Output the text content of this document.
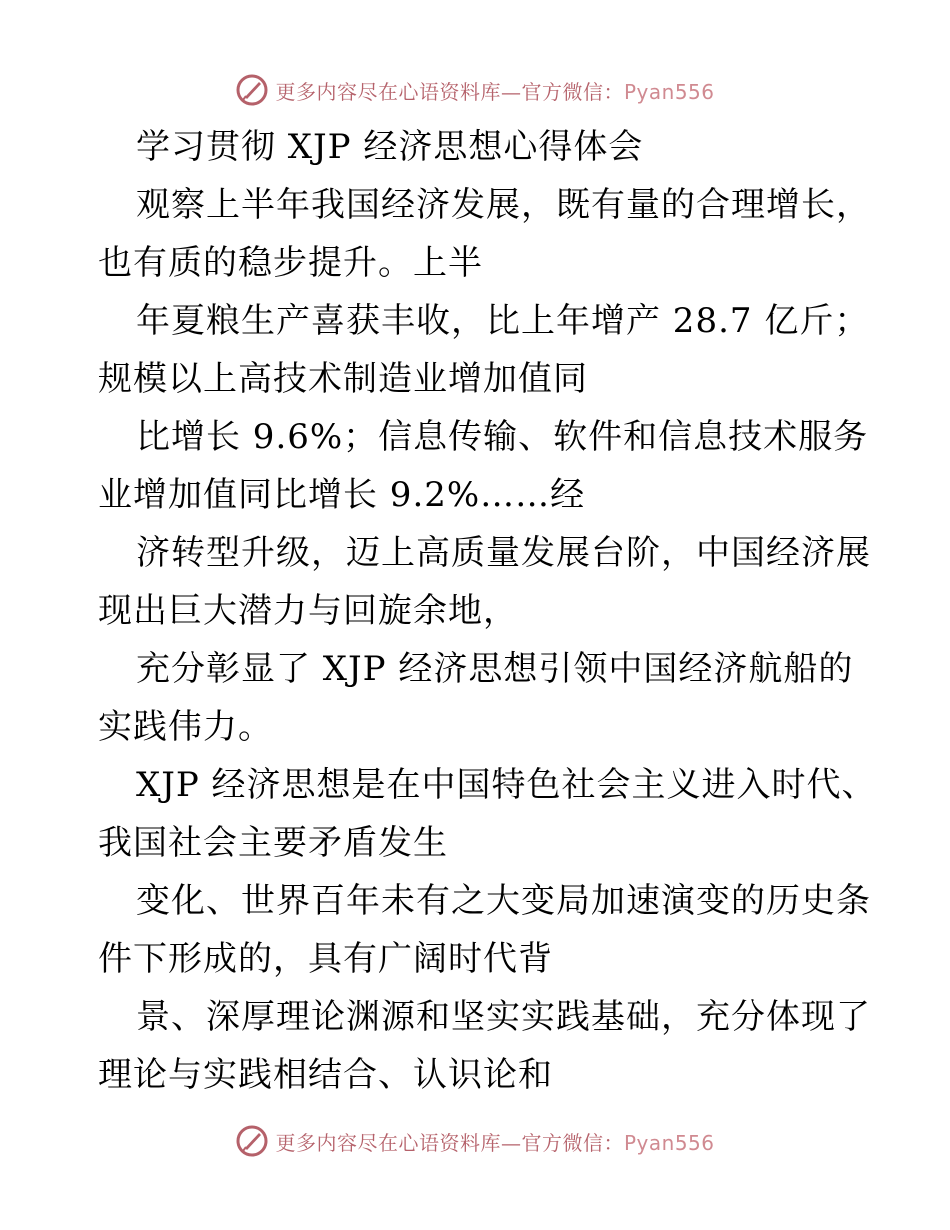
更多内容尽在心语资料库—官方微信：Pyan556
学习贯彻 XJP 经济思想心得体会
观察上半年我国经济发展，既有量的合理增长，
也有质的稳步提升。上半
年夏粮生产喜获丰收，比上年增产 28.7 亿斤；
规模以上高技术制造业增加值同
比增长 9.6%；信息传输、软件和信息技术服务
业增加值同比增长 9.2%……经
济转型升级，迈上高质量发展台阶，中国经济展
现出巨大潜力与回旋余地，
充分彰显了 XJP 经济思想引领中国经济航船的
实践伟力。
XJP 经济思想是在中国特色社会主义进入时代、
我国社会主要矛盾发生
变化、世界百年未有之大变局加速演变的历史条
件下形成的，具有广阔时代背
景、深厚理论渊源和坚实实践基础，充分体现了
理论与实践相结合、认识论和
更多内容尽在心语资料库—官方微信：Pyan556
